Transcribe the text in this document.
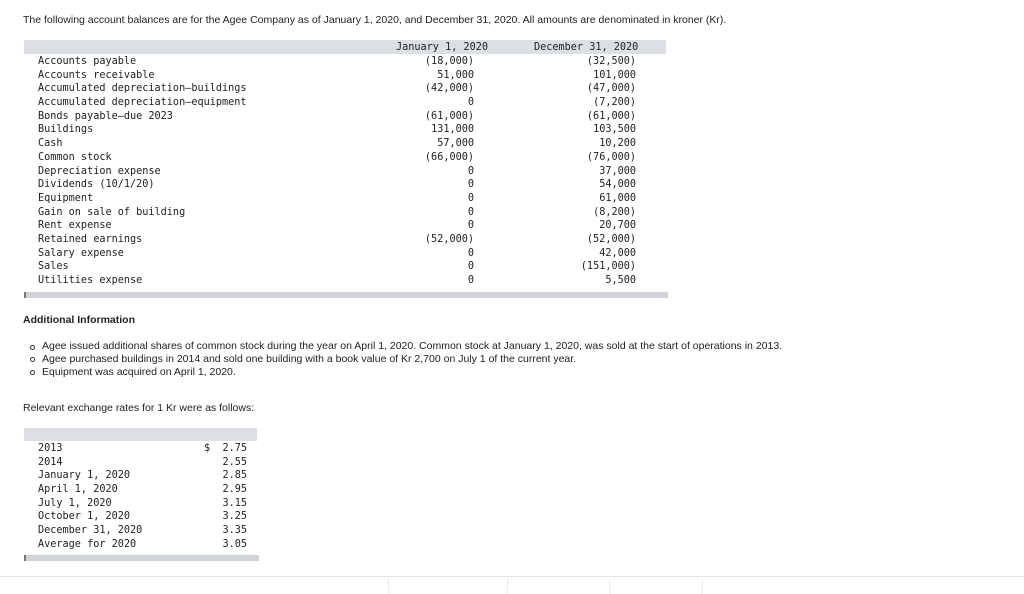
The following account balances are for the Agee Company as of January 1, 2020, and December 31, 2020. All amounts are denominated in kroner (Kr).
January 1, 2020	December 31, 2020
Accounts payable	(18,000)	(32,500)
Accounts receivable	51,000	101,000
Accumulated depreciation—buildings	(42,000)	(47,000)
Accumulated depreciation—equipment	0	(7,200)
Bonds payable—due 2023	(61,000)	(61,000)
Buildings	131,000	103,500
Cash	57,000	10,200
Common stock	(66,000)	(76,000)
Depreciation expense	0	37,000
Dividends (10/1/20)	0	54,000
Equipment	0	61,000
Gain on sale of building	0	(8,200)
Rent expense	0	20,700
Retained earnings	(52,000)	(52,000)
Salary expense	0	42,000
Sales	0	(151,000)
Utilities expense	0	5,500
Additional Information
Agee issued additional shares of common stock during the year on April 1, 2020. Common stock at January 1, 2020, was sold at the start of operations in 2013.
Agee purchased buildings in 2014 and sold one building with a book value of Kr 2,700 on July 1 of the current year.
Equipment was acquired on April 1, 2020.
Relevant exchange rates for 1 Kr were as follows:
2013	$ 2.75
2014	2.55
January 1, 2020	2.85
April 1, 2020	2.95
July 1, 2020	3.15
October 1, 2020	3.25
December 31, 2020	3.35
Average for 2020	3.05
